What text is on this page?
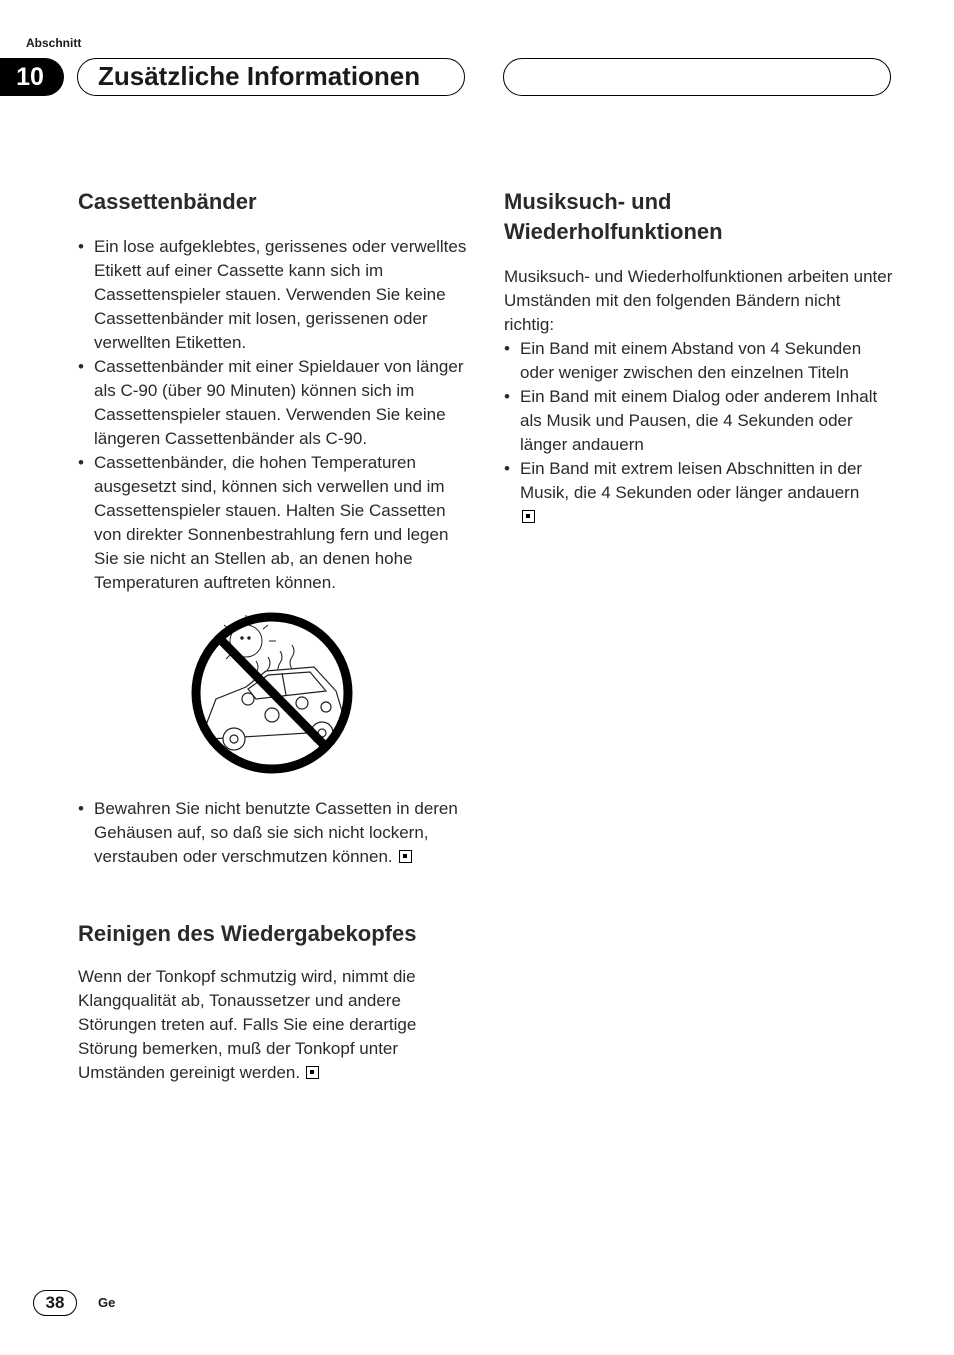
Abschnitt
10	Zusätzliche Informationen
Cassettenbänder
• Ein lose aufgeklebtes, gerissenes oder verwelltes Etikett auf einer Cassette kann sich im Cassettenspieler stauen. Verwenden Sie keine Cassettenbänder mit losen, gerissenen oder verwellten Etiketten.
• Cassettenbänder mit einer Spieldauer von länger als C-90 (über 90 Minuten) können sich im Cassettenspieler stauen. Verwenden Sie keine längeren Cassettenbänder als C-90.
• Cassettenbänder, die hohen Temperaturen ausgesetzt sind, können sich verwellen und im Cassettenspieler stauen. Halten Sie Cassetten von direkter Sonnenbestrahlung fern und legen Sie sie nicht an Stellen ab, an denen hohe Temperaturen auftreten können.
• Bewahren Sie nicht benutzte Cassetten in deren Gehäusen auf, so daß sie sich nicht lockern, verstauben oder verschmutzen können.
Reinigen des Wiedergabekopfes

Wenn der Tonkopf schmutzig wird, nimmt die Klangqualität ab, Tonaussetzer und andere Störungen treten auf. Falls Sie eine derartige Störung bemerken, muß der Tonkopf unter Umständen gereinigt werden.

Musiksuch- und Wiederholfunktionen

Musiksuch- und Wiederholfunktionen arbeiten unter Umständen mit den folgenden Bändern nicht richtig:

• Ein Band mit einem Abstand von 4 Sekunden oder weniger zwischen den einzelnen Titeln
• Ein Band mit einem Dialog oder anderem Inhalt als Musik und Pausen, die 4 Sekunden oder länger andauern
• Ein Band mit extrem leisen Abschnitten in der Musik, die 4 Sekunden oder länger andauern

38	Ge
